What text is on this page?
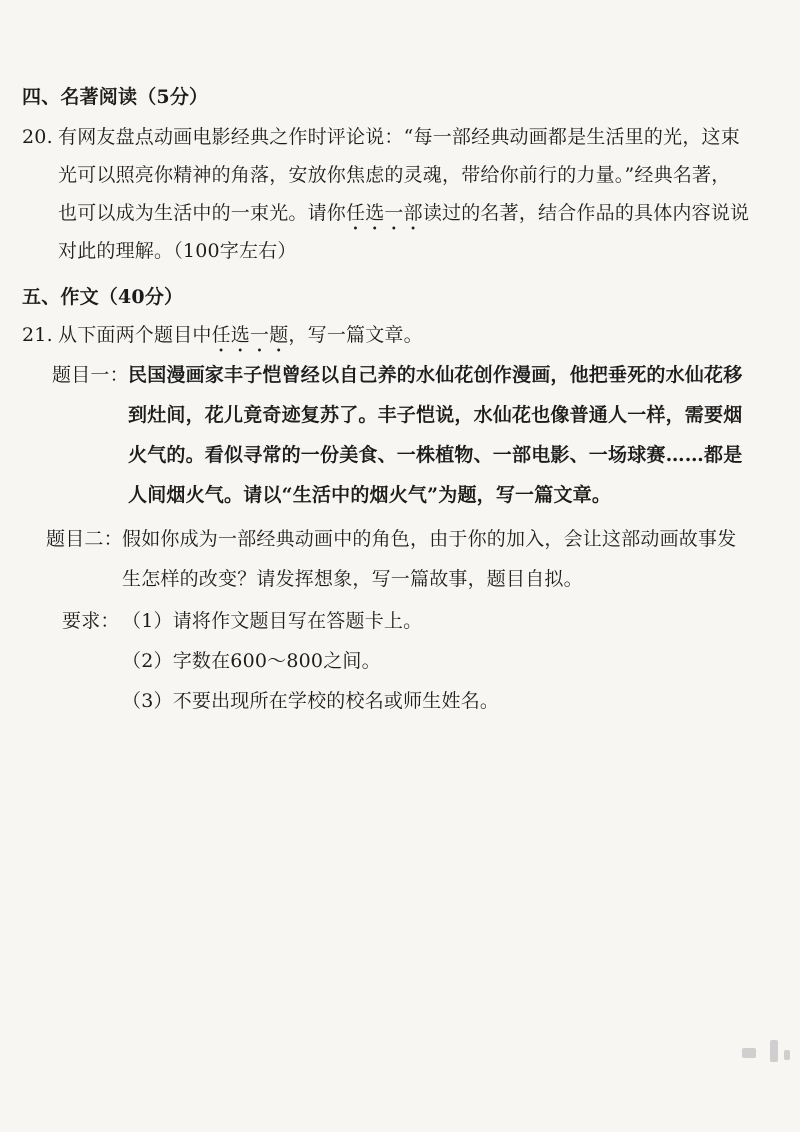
四、名著阅读（5分）
20. 有网友盘点动画电影经典之作时评论说：“每一部经典动画都是生活里的光，这束
光可以照亮你精神的角落，安放你焦虑的灵魂，带给你前行的力量。”经典名著，
也可以成为生活中的一束光。请你任选一部读过的名著，结合作品的具体内容说说
对此的理解。（100字左右）
五、作文（40分）
21. 从下面两个题目中任选一题，写一篇文章。
题目一： 民国漫画家丰子恺曾经以自己养的水仙花创作漫画，他把垂死的水仙花移
到灶间，花儿竟奇迹复苏了。丰子恺说，水仙花也像普通人一样，需要烟
火气的。看似寻常的一份美食、一株植物、一部电影、一场球赛……都是
人间烟火气。请以“生活中的烟火气”为题，写一篇文章。
题目二： 假如你成为一部经典动画中的角色，由于你的加入，会让这部动画故事发
生怎样的改变？请发挥想象，写一篇故事，题目自拟。
要求： （1）请将作文题目写在答题卡上。
（2）字数在600～800之间。
（3）不要出现所在学校的校名或师生姓名。
